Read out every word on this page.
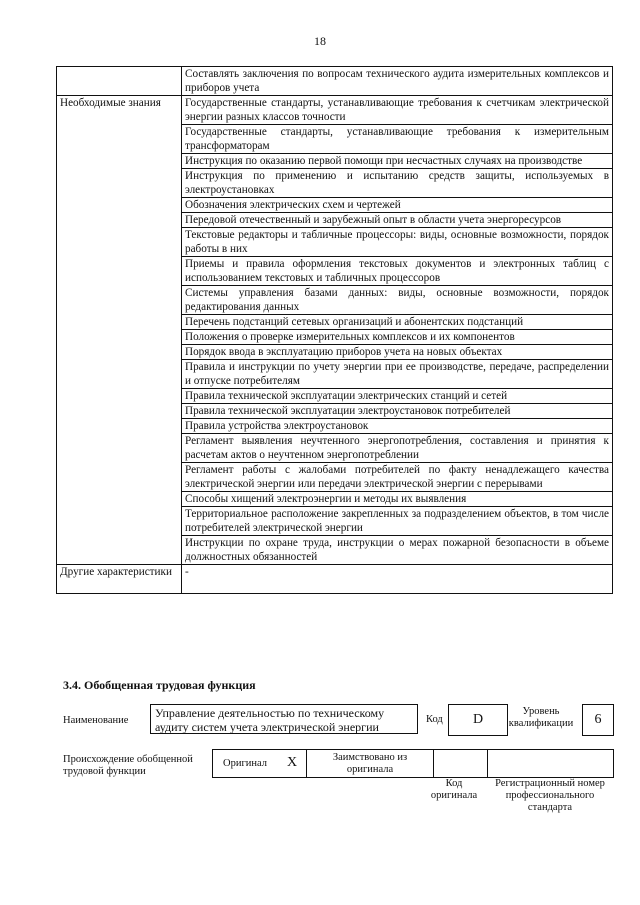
18
	Составлять заключения по вопросам технического аудита измерительных комплексов и приборов учета
Необходимые знания	Государственные стандарты, устанавливающие требования к счетчикам электрической энергии разных классов точности
	Государственные стандарты, устанавливающие требования к измерительным трансформаторам
	Инструкция по оказанию первой помощи при несчастных случаях на производстве
	Инструкция по применению и испытанию средств защиты, используемых в электроустановках
	Обозначения электрических схем и чертежей
	Передовой отечественный и зарубежный опыт в области учета энергоресурсов
	Текстовые редакторы и табличные процессоры: виды, основные возможности, порядок работы в них
	Приемы и правила оформления текстовых документов и электронных таблиц с использованием текстовых и табличных процессоров
	Системы управления базами данных: виды, основные возможности, порядок редактирования данных
	Перечень подстанций сетевых организаций и абонентских подстанций
	Положения о проверке измерительных комплексов и их компонентов
	Порядок ввода в эксплуатацию приборов учета на новых объектах
	Правила и инструкции по учету энергии при ее производстве, передаче, распределении и отпуске потребителям
	Правила технической эксплуатации электрических станций и сетей
	Правила технической эксплуатации электроустановок потребителей
	Правила устройства электроустановок
	Регламент выявления неучтенного энергопотребления, составления и принятия к расчетам актов о неучтенном энергопотреблении
	Регламент работы с жалобами потребителей по факту ненадлежащего качества электрической энергии или передачи электрической энергии с перерывами
	Способы хищений электроэнергии и методы их выявления
	Территориальное расположение закрепленных за подразделением объектов, в том числе потребителей электрической энергии
	Инструкции по охране труда, инструкции о мерах пожарной безопасности в объеме должностных обязанностей
Другие характеристики	-
3.4. Обобщенная трудовая функция
Наименование
Управление деятельностью по техническому аудиту систем учета электрической энергии
Код	D
Уровень квалификации	6
Происхождение обобщенной трудовой функции
Оригинал X	Заимствовано из оригинала
Код оригинала
Регистрационный номер профессионального стандарта
